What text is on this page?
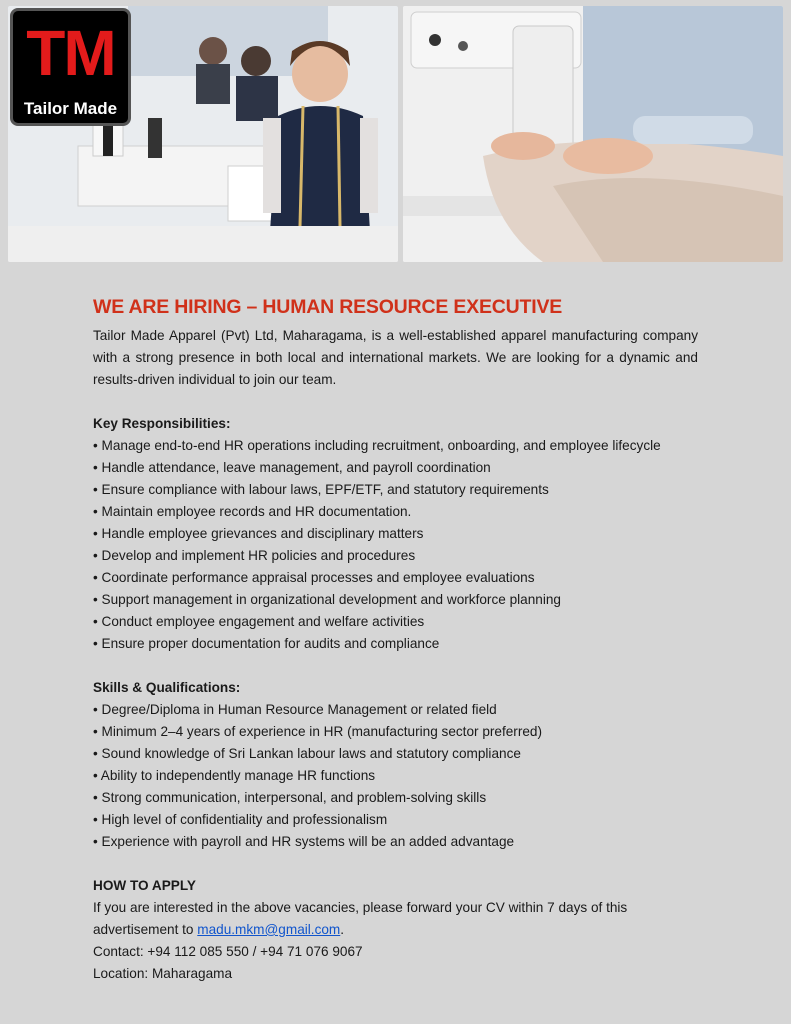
TM
Tailor Made
WE ARE HIRING – HUMAN RESOURCE EXECUTIVE

Tailor Made Apparel (Pvt) Ltd, Maharagama, is a well-established apparel manufacturing company with a strong presence in both local and international markets. We are looking for a dynamic and results-driven individual to join our team.

Key Responsibilities:

• Manage end-to-end HR operations including recruitment, onboarding, and employee lifecycle
• Handle attendance, leave management, and payroll coordination
• Ensure compliance with labour laws, EPF/ETF, and statutory requirements
• Maintain employee records and HR documentation.
• Handle employee grievances and disciplinary matters
• Develop and implement HR policies and procedures
• Coordinate performance appraisal processes and employee evaluations
• Support management in organizational development and workforce planning
• Conduct employee engagement and welfare activities
• Ensure proper documentation for audits and compliance

Skills & Qualifications:

• Degree/Diploma in Human Resource Management or related field
• Minimum 2–4 years of experience in HR (manufacturing sector preferred)
• Sound knowledge of Sri Lankan labour laws and statutory compliance
• Ability to independently manage HR functions
• Strong communication, interpersonal, and problem-solving skills
• High level of confidentiality and professionalism
• Experience with payroll and HR systems will be an added advantage

HOW TO APPLY

If you are interested in the above vacancies, please forward your CV within 7 days of this

advertisement to madu.mkm@gmail.com.

Contact: +94 112 085 550 / +94 71 076 9067

Location: Maharagama
